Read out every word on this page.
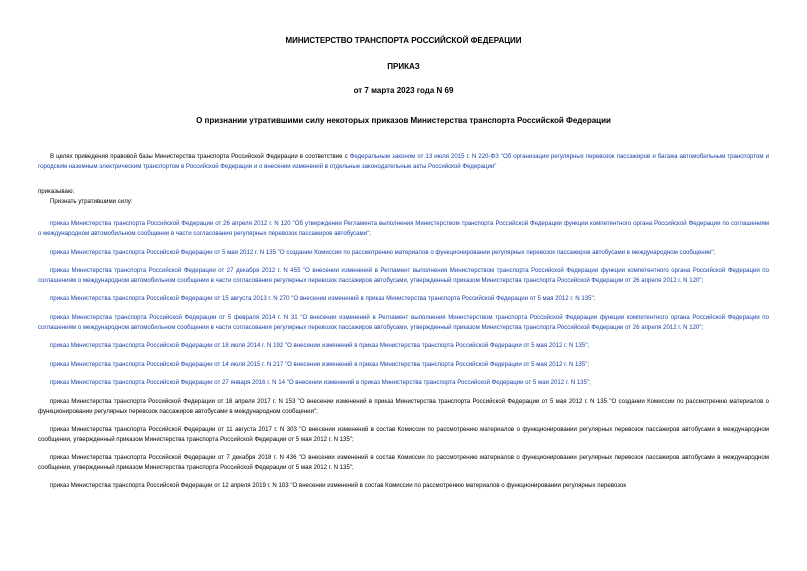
МИНИСТЕРСТВО ТРАНСПОРТА РОССИЙСКОЙ ФЕДЕРАЦИИ
ПРИКАЗ
от 7 марта 2023 года N 69
О признании утратившими силу некоторых приказов Министерства транспорта Российской Федерации

В целях приведения правовой базы Министерства транспорта Российской Федерации в соответствие с Федеральным законом от 13 июля 2015 г. N 220-ФЗ "Об организации регулярных перевозок пассажиров и багажа автомобильным транспортом и городским наземным электрическим транспортом в Российской Федерации и о внесении изменений в отдельные законодательные акты Российской Федерации"

приказываю:

Признать утратившими силу:

приказ Министерства транспорта Российской Федерации от 26 апреля 2012 г. N 120 "Об утверждении Регламента выполнения Министерством транспорта Российской Федерации функции компетентного органа Российской Федерации по соглашениям о международном автомобильном сообщении в части согласования регулярных перевозок пассажиров автобусами";

приказ Министерства транспорта Российской Федерации от 5 мая 2012 г. N 135 "О создании Комиссии по рассмотрению материалов о функционировании регулярных перевозок пассажиров автобусами в международном сообщении";

приказ Министерства транспорта Российской Федерации от 27 декабря 2012 г. N 455 "О внесении изменений в Регламент выполнения Министерством транспорта Российской Федерации функции компетентного органа Российской Федерации по соглашениям о международном автомобильном сообщении в части согласования регулярных перевозок пассажиров автобусами, утвержденный приказом Министерства транспорта Российской Федерации от 26 апреля 2012 г. N 120";

приказ Министерства транспорта Российской Федерации от 15 августа 2013 г. N 270 "О внесении изменений в приказ Министерства транспорта Российской Федерации от 5 мая 2012 г. N 135";

приказ Министерства транспорта Российской Федерации от 5 февраля 2014 г. N 31 "О внесении изменений в Регламент выполнения Министерством транспорта Российской Федерации функции компетентного органа Российской Федерации по соглашениям о международном автомобильном сообщении в части согласования регулярных перевозок пассажиров автобусами, утвержденный приказом Министерства транспорта Российской Федерации от 26 апреля 2012 г. N 120";

приказ Министерства транспорта Российской Федерации от 18 июля 2014 г. N 192 "О внесении изменений в приказ Министерства транспорта Российской Федерации от 5 мая 2012 г. N 135";

приказ Министерства транспорта Российской Федерации от 14 июля 2015 г. N 217 "О внесении изменений в приказ Министерства транспорта Российской Федерации от 5 мая 2012 г. N 135";

приказ Министерства транспорта Российской Федерации от 27 января 2016 г. N 14 "О внесении изменений в приказ Министерства транспорта Российской Федерации от 5 мая 2012 г. N 135";

приказ Министерства транспорта Российской Федерации от 18 апреля 2017 г. N 153 "О внесении изменений в приказ Министерства транспорта Российской Федерации от 5 мая 2012 г. N 135 "О создании Комиссии по рассмотрению материалов о функционировании регулярных перевозок пассажиров автобусами в международном сообщении";

приказ Министерства транспорта Российской Федерации от 11 августа 2017 г. N 303 "О внесении изменений в состав Комиссии по рассмотрению материалов о функционировании регулярных перевозок пассажиров автобусами в международном сообщении, утвержденный приказом Министерства транспорта Российской Федерации от 5 мая 2012 г. N 135";

приказ Министерства транспорта Российской Федерации от 7 декабря 2018 г. N 436 "О внесении изменений в состав Комиссии по рассмотрению материалов о функционировании регулярных перевозок пассажиров автобусами в международном сообщении, утвержденный приказом Министерства транспорта Российской Федерации от 5 мая 2012 г. N 135";

приказ Министерства транспорта Российской Федерации от 12 апреля 2019 г. N 103 "О внесении изменений в состав Комиссии по рассмотрению материалов о функционировании регулярных перевозок
